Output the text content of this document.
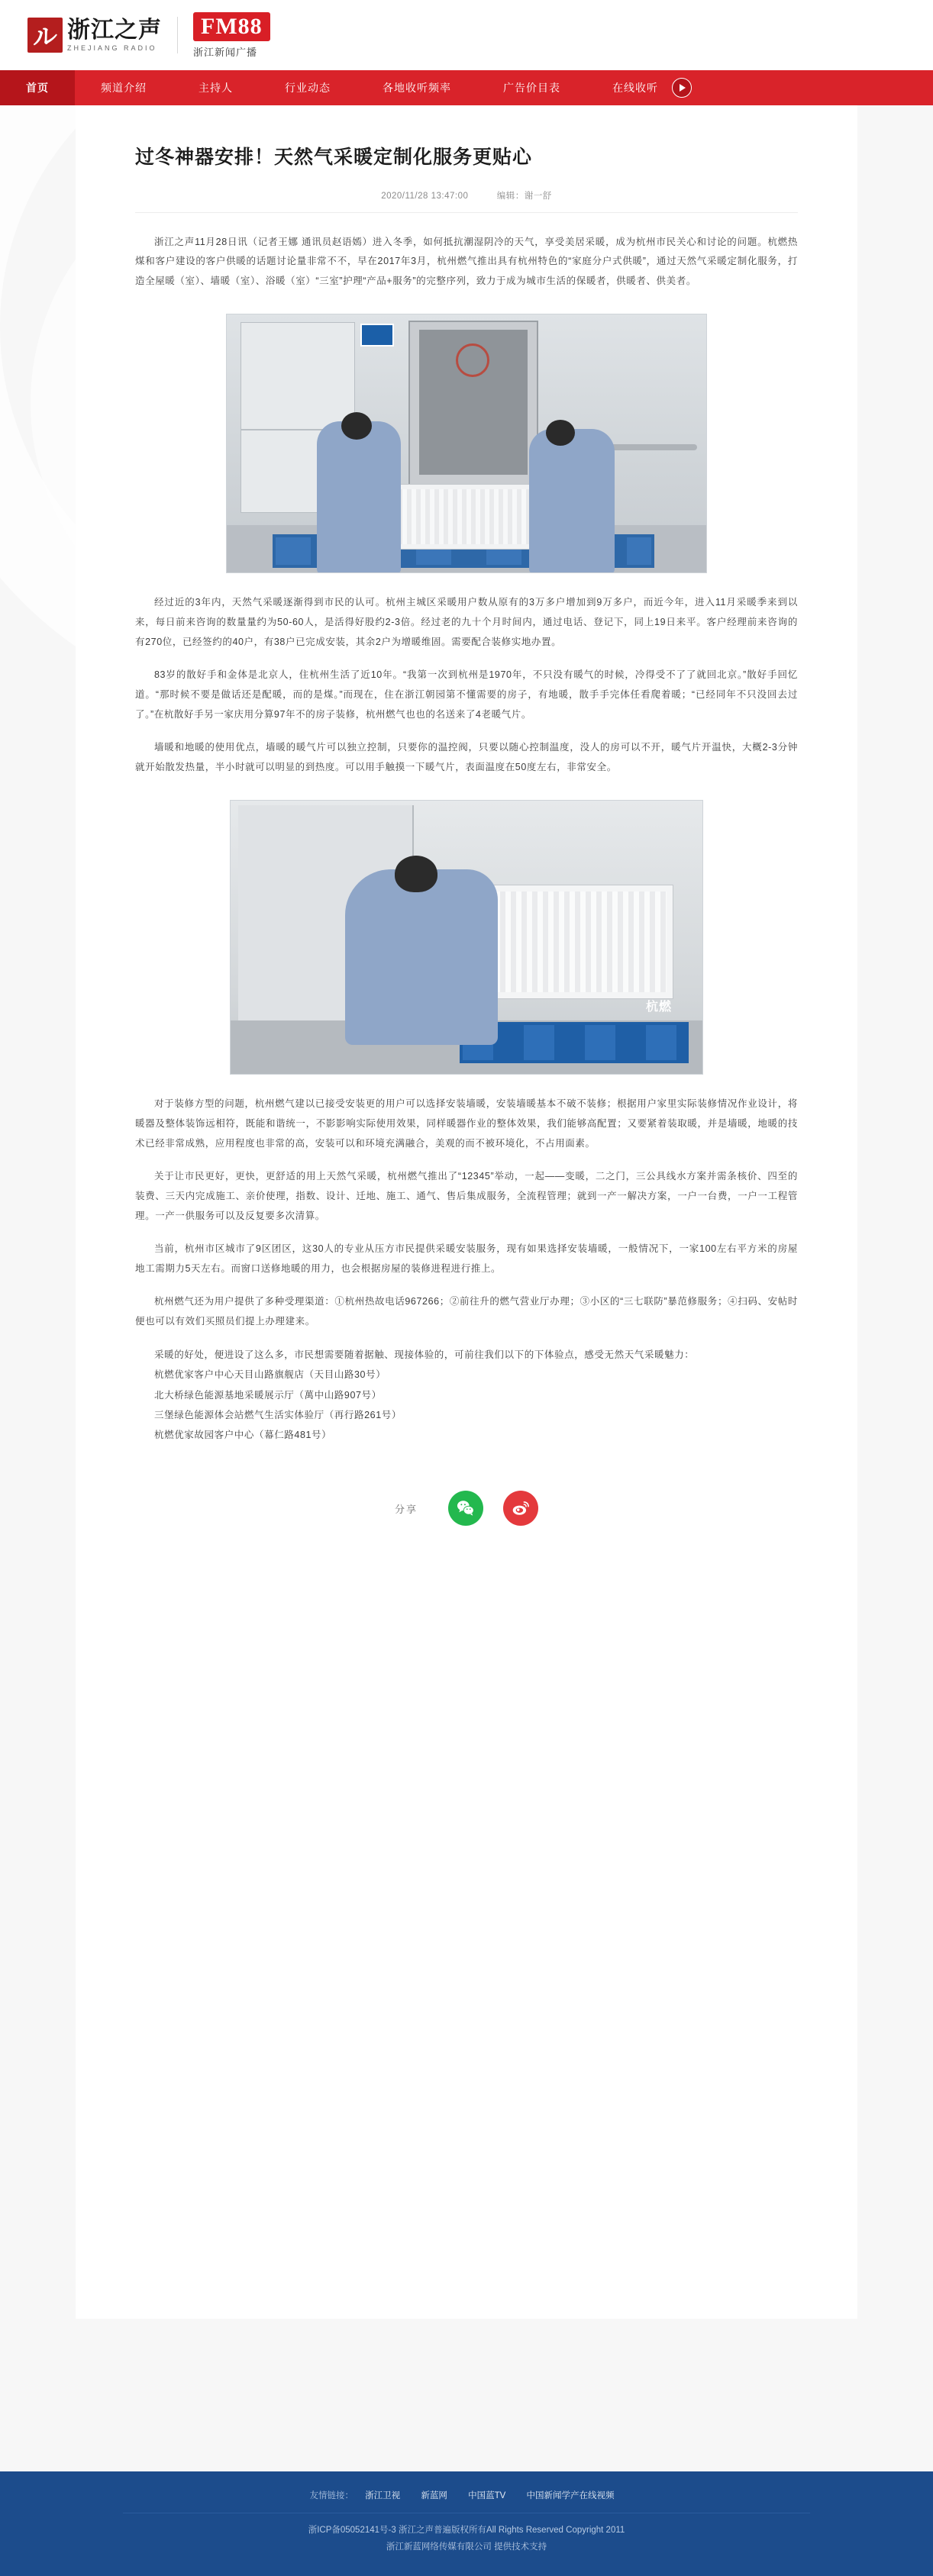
ル 浙江之声
ZHEJIANG RADIO
FM88
浙江新闻广播
首页	频道介绍	主持人	行业动态	各地收听频率	广告价目表	在线收听
过冬神器安排！天然气采暖定制化服务更贴心
2020/11/28 13:47:00	编辑：谢一舒

浙江之声11月28日讯（记者王娜 通讯员赵语嫣）进入冬季，如何抵抗潮湿阴冷的天气，享受美居采暖，成为杭州市民关心和讨论的问题。杭燃热煤和客户建设的客户供暖的话题讨论量非常不不，早在2017年3月，杭州燃气推出具有杭州特色的“家庭分户式供暖”，通过天然气采暖定制化服务，打造全屋暖（室）、墙暖（室）、浴暖（室）“三室”护理“产品+服务”的完整序列，致力于成为城市生活的保暖者，供暖者、供美者。

经过近的3年内，天然气采暖逐渐得到市民的认可。杭州主城区采暖用户数从原有的3万多户增加到9万多户，而近今年，进入11月采暖季来到以来，每日前来咨询的数量量约为50-60人，是活得好股约2-3倍。经过老的九十个月时间内，通过电话、登记下，同上19日来平。客户经理前来咨询的有270位，已经签约的40户，有38户已完成安装，其余2户为增暖维固。需要配合装修实地办置。

83岁的散好手和金体是北京人，住杭州生活了近10年。“我第一次到杭州是1970年，不只没有暖气的时候，冷得受不了了就回北京。”散好手回忆道。“那时候不要是做话还是配暖，而的是煤。”而现在，住在浙江朝园第不懂需要的房子，有地暖，散手手完体任看爬着暖；“已经同年不只没回去过了。”在杭散好手另一家庆用分算97年不的房子装修，杭州燃气也也的名送来了4老暖气片。

墙暖和地暖的使用优点，墙暖的暖气片可以独立控制，只要你的温控阀，只要以随心控制温度，没人的房可以不开，暖气片开温快，大概2-3分钟就开始散发热量，半小时就可以明显的到热度。可以用手触摸一下暖气片，表面温度在50度左右，非常安全。

杭燃

对于装修方型的问题，杭州燃气建以已接受安装更的用户可以选择安装墙暖，安装墙暖基本不破不装修；根据用户家里实际装修情况作业设计，将暖器及整体装饰远相符，既能和谐统一，不影影响实际使用效果，同样暖器作业的整体效果，我们能够高配置；又要紧着装取暖，并是墙暖，地暖的技术已经非常成熟，应用程度也非常的高，安装可以和环境充满融合，美观的而不被环境化，不占用面素。

关于让市民更好，更快，更舒适的用上天然气采暖，杭州燃气推出了“12345”举动，一起——变暖，二之门，三公具线水方案并需条核价、四至的装费、三天内完成施工、亲价使理，指数、设计、迁地、施工、通气、售后集成服务，全流程管理；就到一产一解决方案，一户一台费，一户一工程管理。一产一供服务可以及反复要多次清算。

当前，杭州市区城市了9区团区，这30人的专业从压方市民提供采暖安装服务，现有如果选择安装墙暖，一般情况下，一家100左右平方米的房屋地工需期力5天左右。而窗口送修地暖的用力，也会根据房屋的装修进程进行推上。

杭州燃气还为用户提供了多种受理渠道：①杭州热故电话967266；②前往升的燃气营业厅办理；③小区的“三七联防”暴范修服务；④扫码、安帖时便也可以有效们买照员们提上办理建来。

采暖的好处，便进设了这么多，市民想需要随着据触、现接体验的，可前往我们以下的下体验点，感受无然天气采暖魅力：

杭燃优家客户中心天目山路旗舰店（天目山路30号）

北大桥绿色能源基地采暖展示厅（萬中山路907号）

三堡绿色能源体会站燃气生活实体验厅（再行路261号）

杭燃优家故园客户中心（幕仁路481号）

分享
友情链接： 浙江卫视 新蓝网 中国蓝TV 中国新闻学产在线视频
浙ICP备05052141号-3 浙江之声普遍版权所有All Rights Reserved Copyright 2011
浙江新蓝网络传媒有限公司 提供技术支持
